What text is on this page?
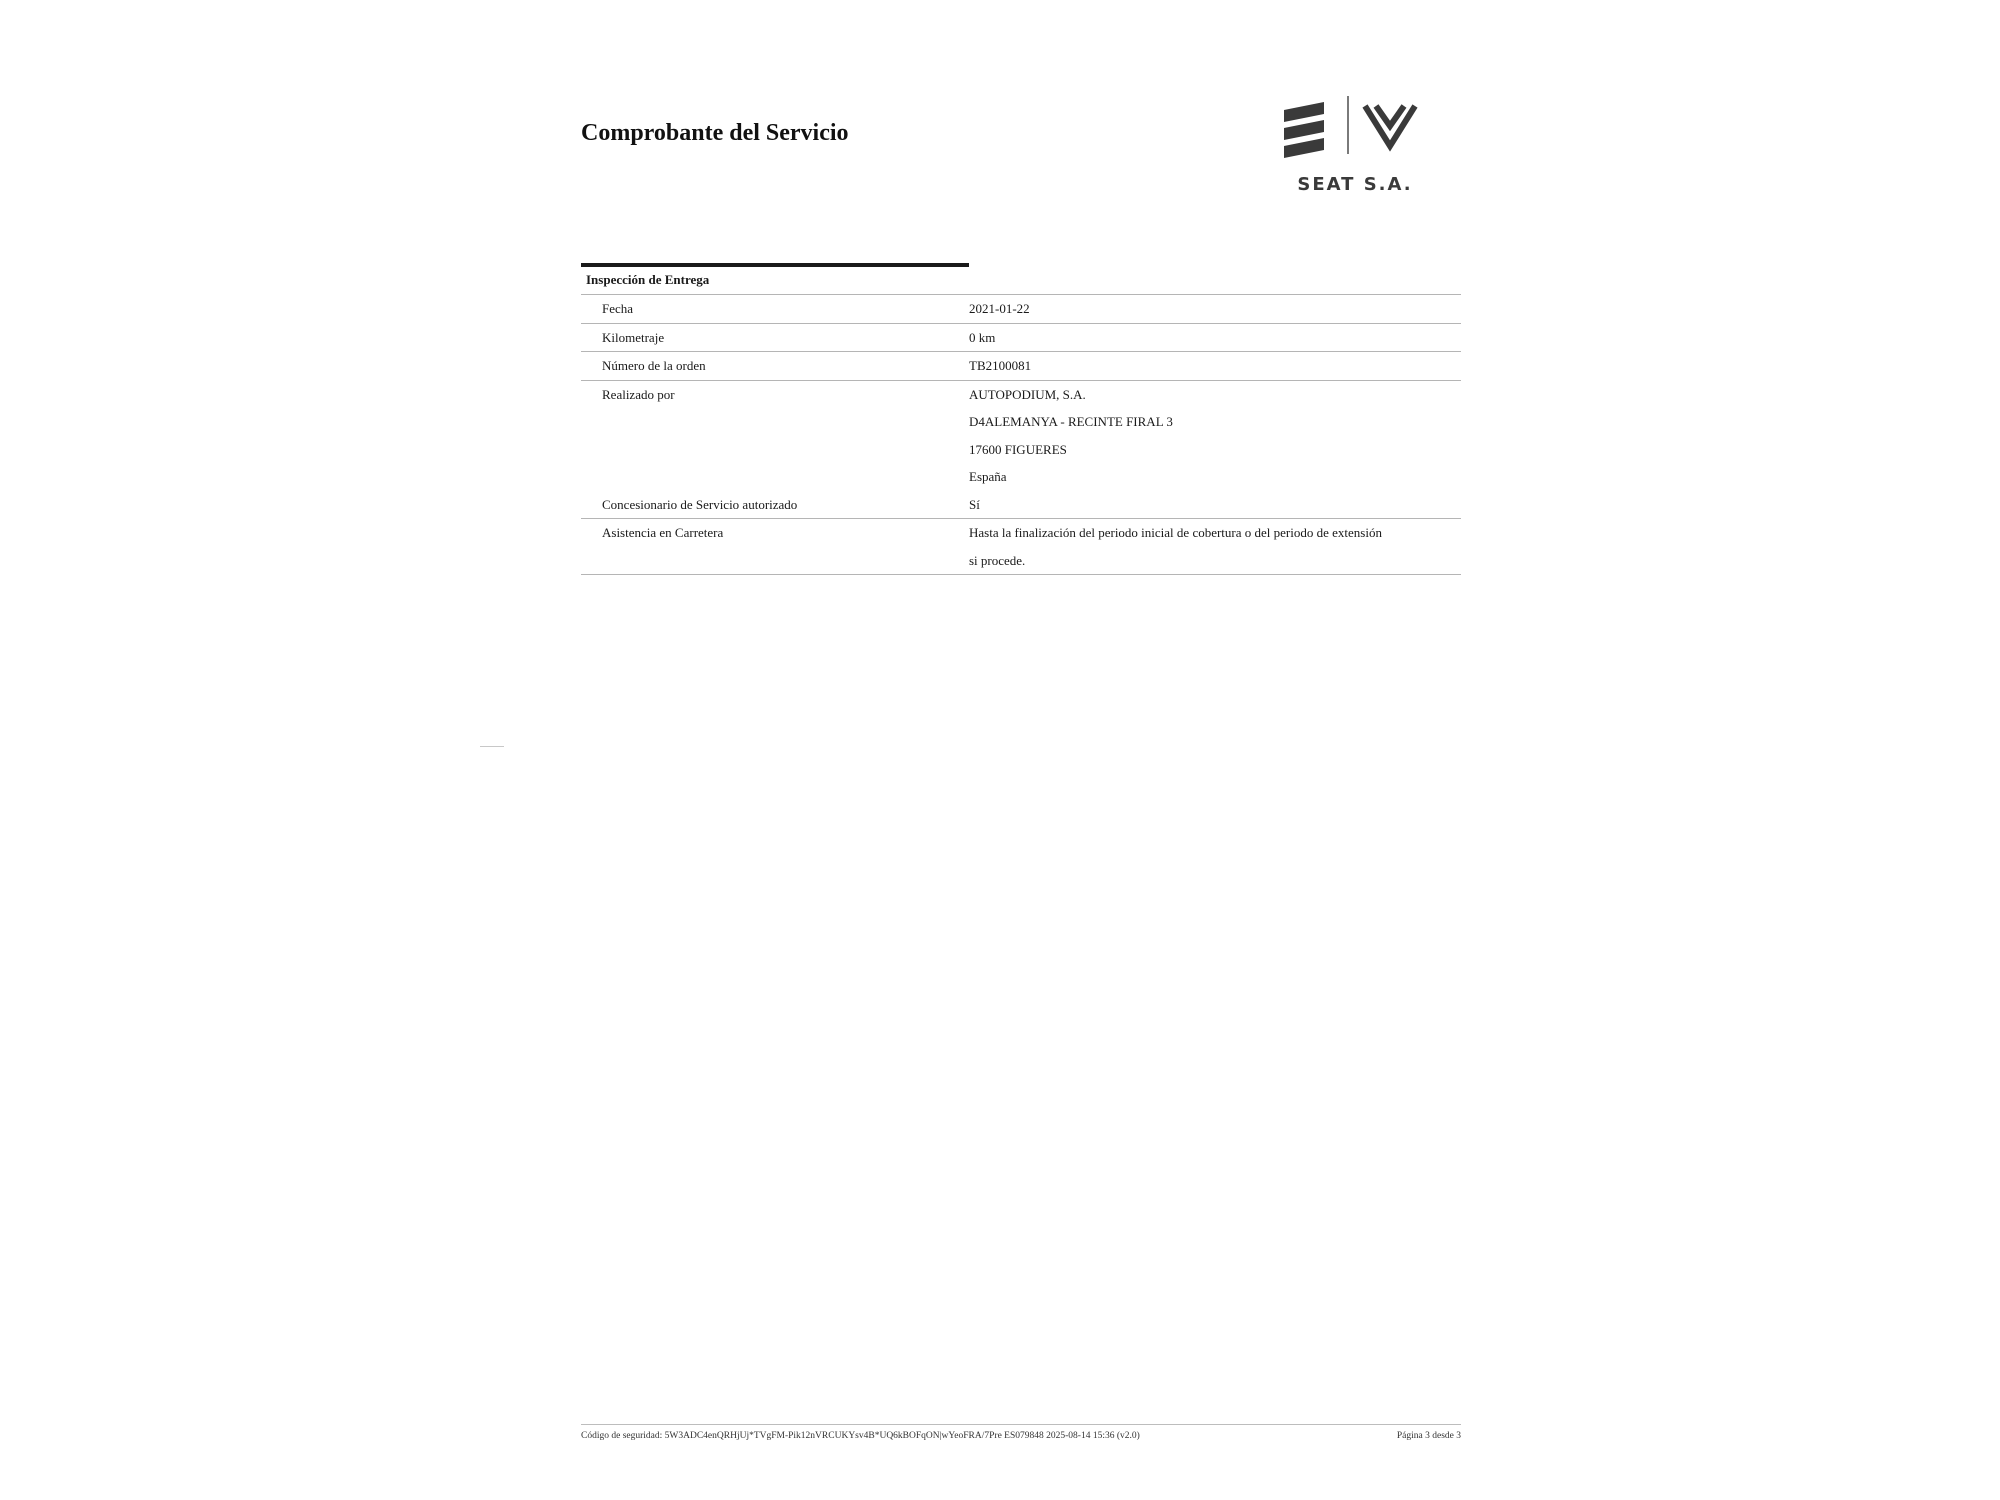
Comprobante del Servicio
SEAT S.A.
Inspección de Entrega
Fecha	2021-01-22
Kilometraje	0 km
Número de la orden	TB2100081
Realizado por	AUTOPODIUM, S.A.
D4ALEMANYA - RECINTE FIRAL 3
17600 FIGUERES
España
Concesionario de Servicio autorizado	Sí
Asistencia en Carretera	Hasta la finalización del periodo inicial de cobertura o del periodo de extensión
si procede.
Código de seguridad: 5W3ADC4enQRHjUj*TVgFM-Pik12nVRCUKYsv4B*UQ6kBOFqON|wYeoFRA/7Pre ES079848 2025-08-14 15:36 (v2.0)	Página 3 desde 3
